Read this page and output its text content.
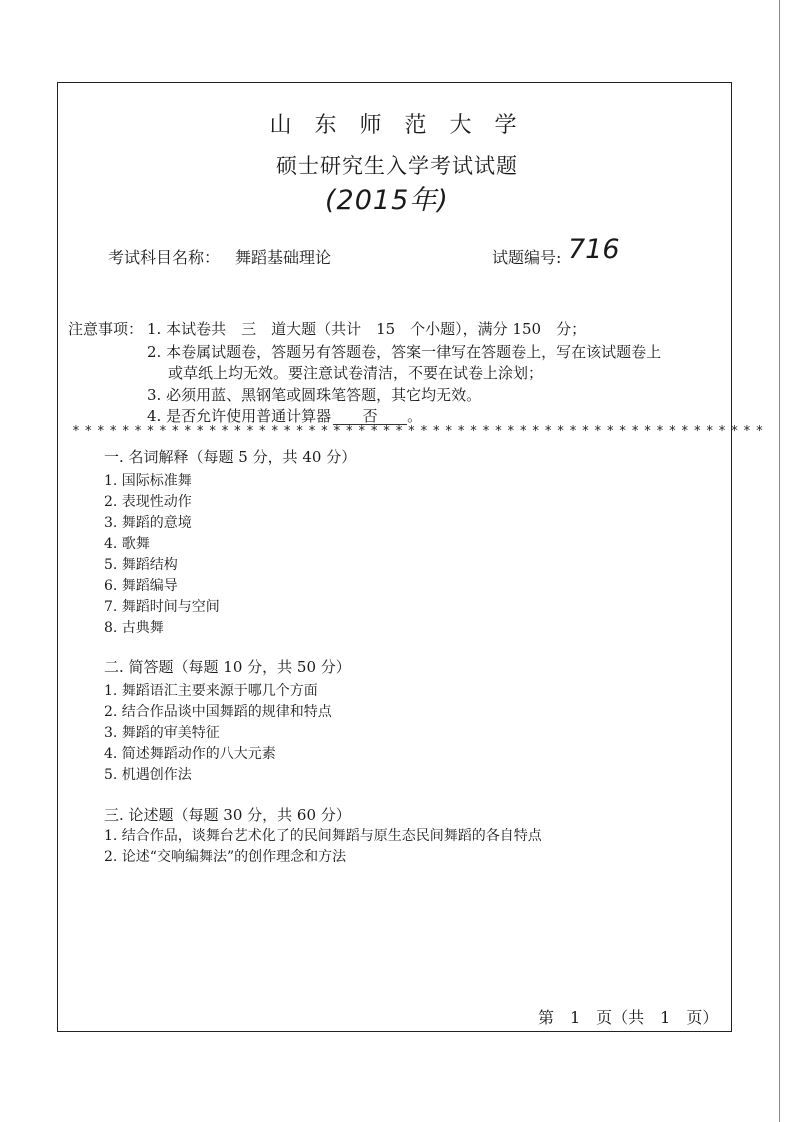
山 东 师 范 大 学
硕士研究生入学考试试题
(2015年)
考试科目名称： 舞蹈基础理论	试题编号: 716
注意事项： 1. 本试卷共　三　道大题（共计　15　个小题），满分 150　分；
2. 本卷属试题卷，答题另有答题卷，答案一律写在答题卷上，写在该试题卷上
或草纸上均无效。要注意试卷清洁，不要在试卷上涂划；
3. 必须用蓝、黑钢笔或圆珠笔答题，其它均无效。
4. 是否允许使用普通计算器 否 。
********************************************************
一. 名词解释（每题 5 分，共 40 分）
1. 国际标准舞
2. 表现性动作
3. 舞蹈的意境
4. 歌舞
5. 舞蹈结构
6. 舞蹈编导
7. 舞蹈时间与空间
8. 古典舞
二. 简答题（每题 10 分，共 50 分）
1. 舞蹈语汇主要来源于哪几个方面
2. 结合作品谈中国舞蹈的规律和特点
3. 舞蹈的审美特征
4. 简述舞蹈动作的八大元素
5. 机遇创作法
三. 论述题（每题 30 分，共 60 分）
1. 结合作品，谈舞台艺术化了的民间舞蹈与原生态民间舞蹈的各自特点
2. 论述“交响编舞法”的创作理念和方法
第　1　页（共　1　页）
